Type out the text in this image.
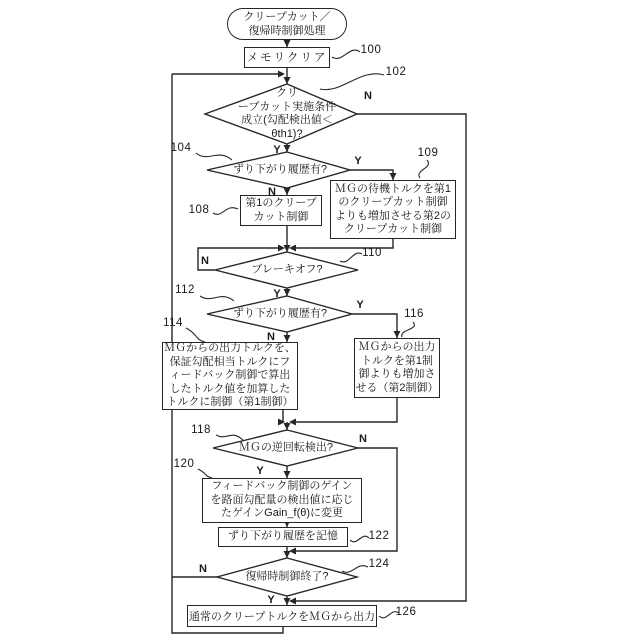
クリープカット／
復帰時制御処理
メモリクリア
第1のクリープ
カット制御
ＭＧの待機トルクを第1
のクリープカット制御
よりも増加させる第2の
クリープカット制御
ＭＧからの出力トルクを、
保証勾配相当トルクにフ
ィードバック制御で算出
したトルク値を加算した
トルクに制御（第1制御）
ＭＧからの出力
トルクを第1制
御よりも増加さ
せる（第2制御）
フィードバック制御のゲイン
を路面勾配量の検出値に応じ
たゲインGain_f(θ)に変更
ずり下がり履歴を記憶
通常のクリープトルクをＭＧから出力
クリ
ープカット実施条件
成立(勾配検出値＜
θth1)?
ずり下がり履歴有?
ブレーキオフ?
ずり下がり履歴有?
ＭＧの逆回転検出?
復帰時制御終了?
100
102
104
108
109
110
112
114
116
118
120
122
124
126
N
Y
Y
N
N
Y
Y
N
N
Y
N
Y
